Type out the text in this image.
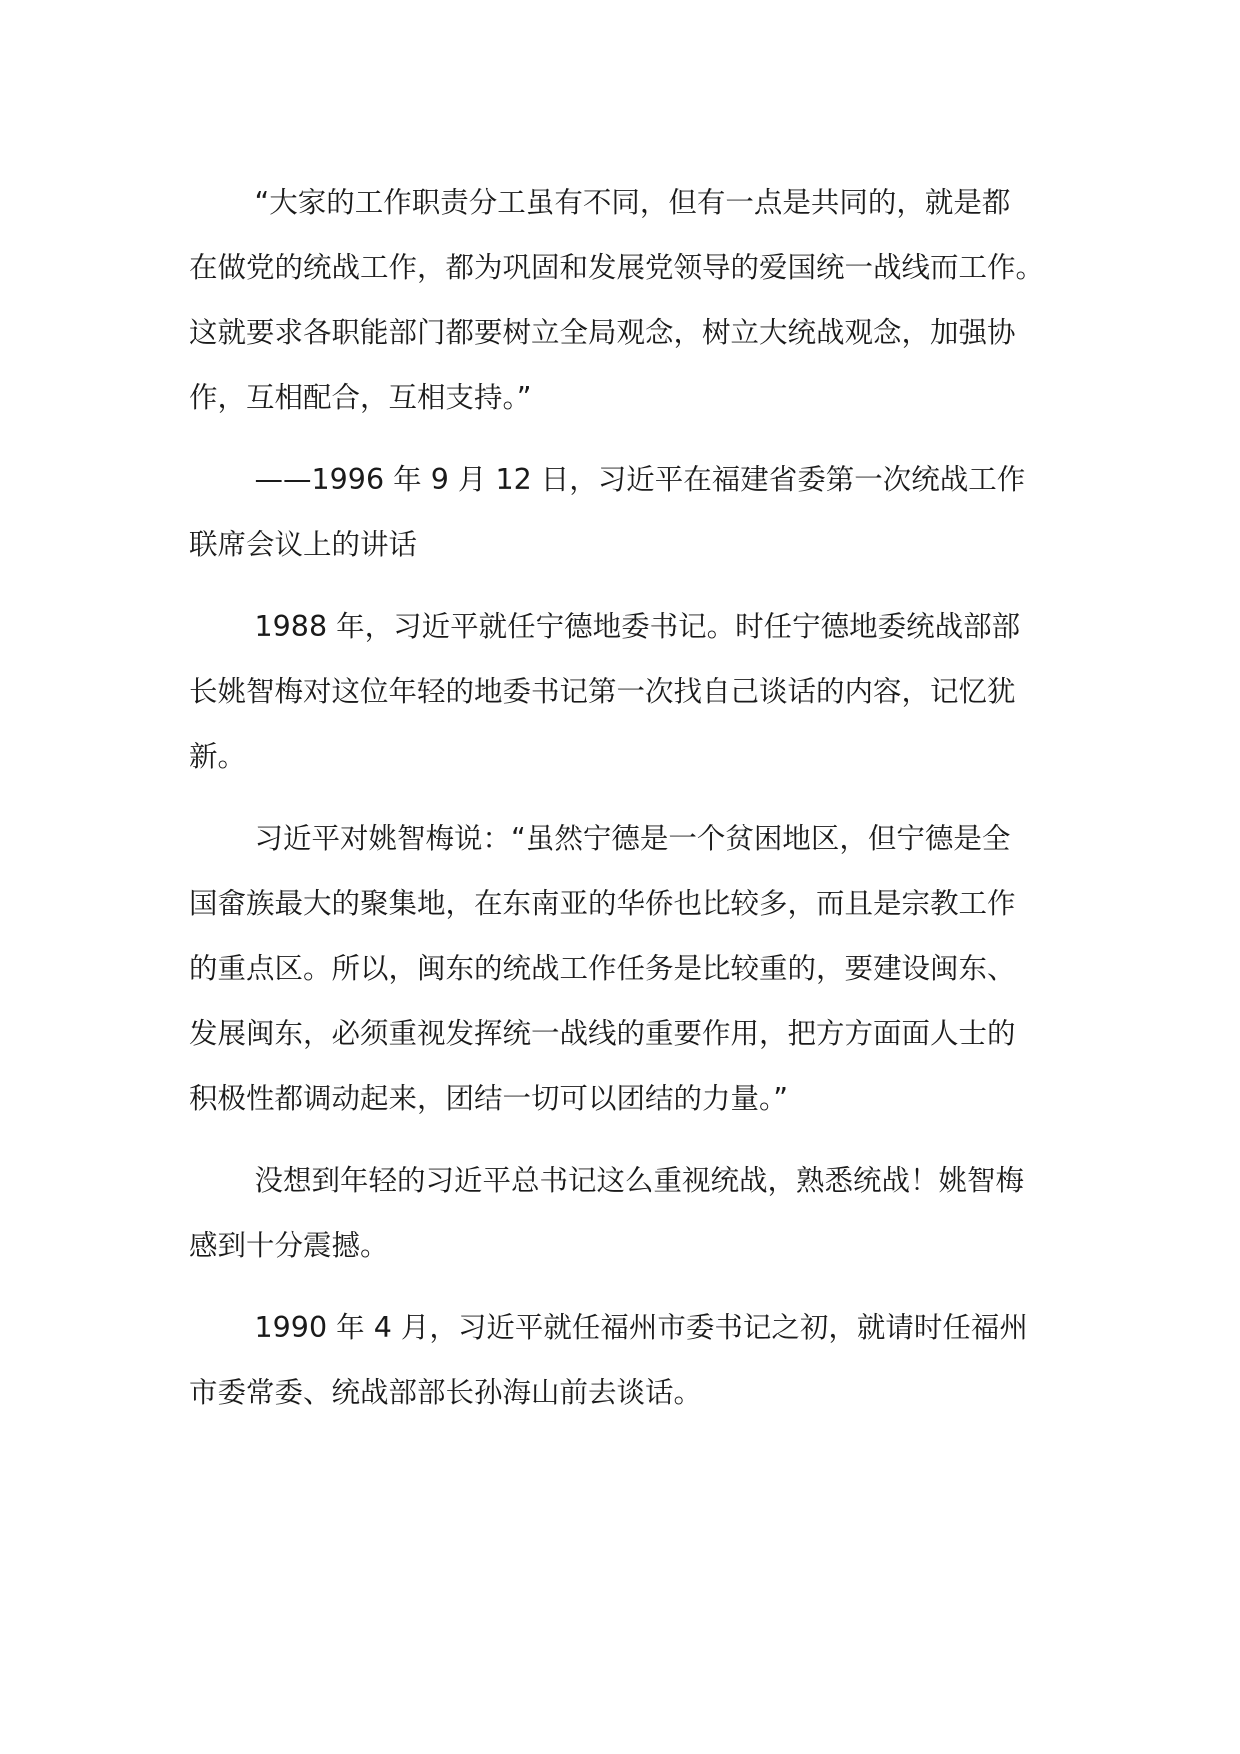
“大家的工作职责分工虽有不同，但有一点是共同的，就是都
在做党的统战工作，都为巩固和发展党领导的爱国统一战线而工作。
这就要求各职能部门都要树立全局观念，树立大统战观念，加强协
作，互相配合，互相支持。”

——1996 年 9 月 12 日，习近平在福建省委第一次统战工作
联席会议上的讲话

1988 年，习近平就任宁德地委书记。时任宁德地委统战部部
长姚智梅对这位年轻的地委书记第一次找自己谈话的内容，记忆犹
新。

习近平对姚智梅说：“虽然宁德是一个贫困地区，但宁德是全
国畲族最大的聚集地，在东南亚的华侨也比较多，而且是宗教工作
的重点区。所以，闽东的统战工作任务是比较重的，要建设闽东、
发展闽东，必须重视发挥统一战线的重要作用，把方方面面人士的
积极性都调动起来，团结一切可以团结的力量。”

没想到年轻的习近平总书记这么重视统战，熟悉统战！姚智梅
感到十分震撼。

1990 年 4 月，习近平就任福州市委书记之初，就请时任福州
市委常委、统战部部长孙海山前去谈话。
